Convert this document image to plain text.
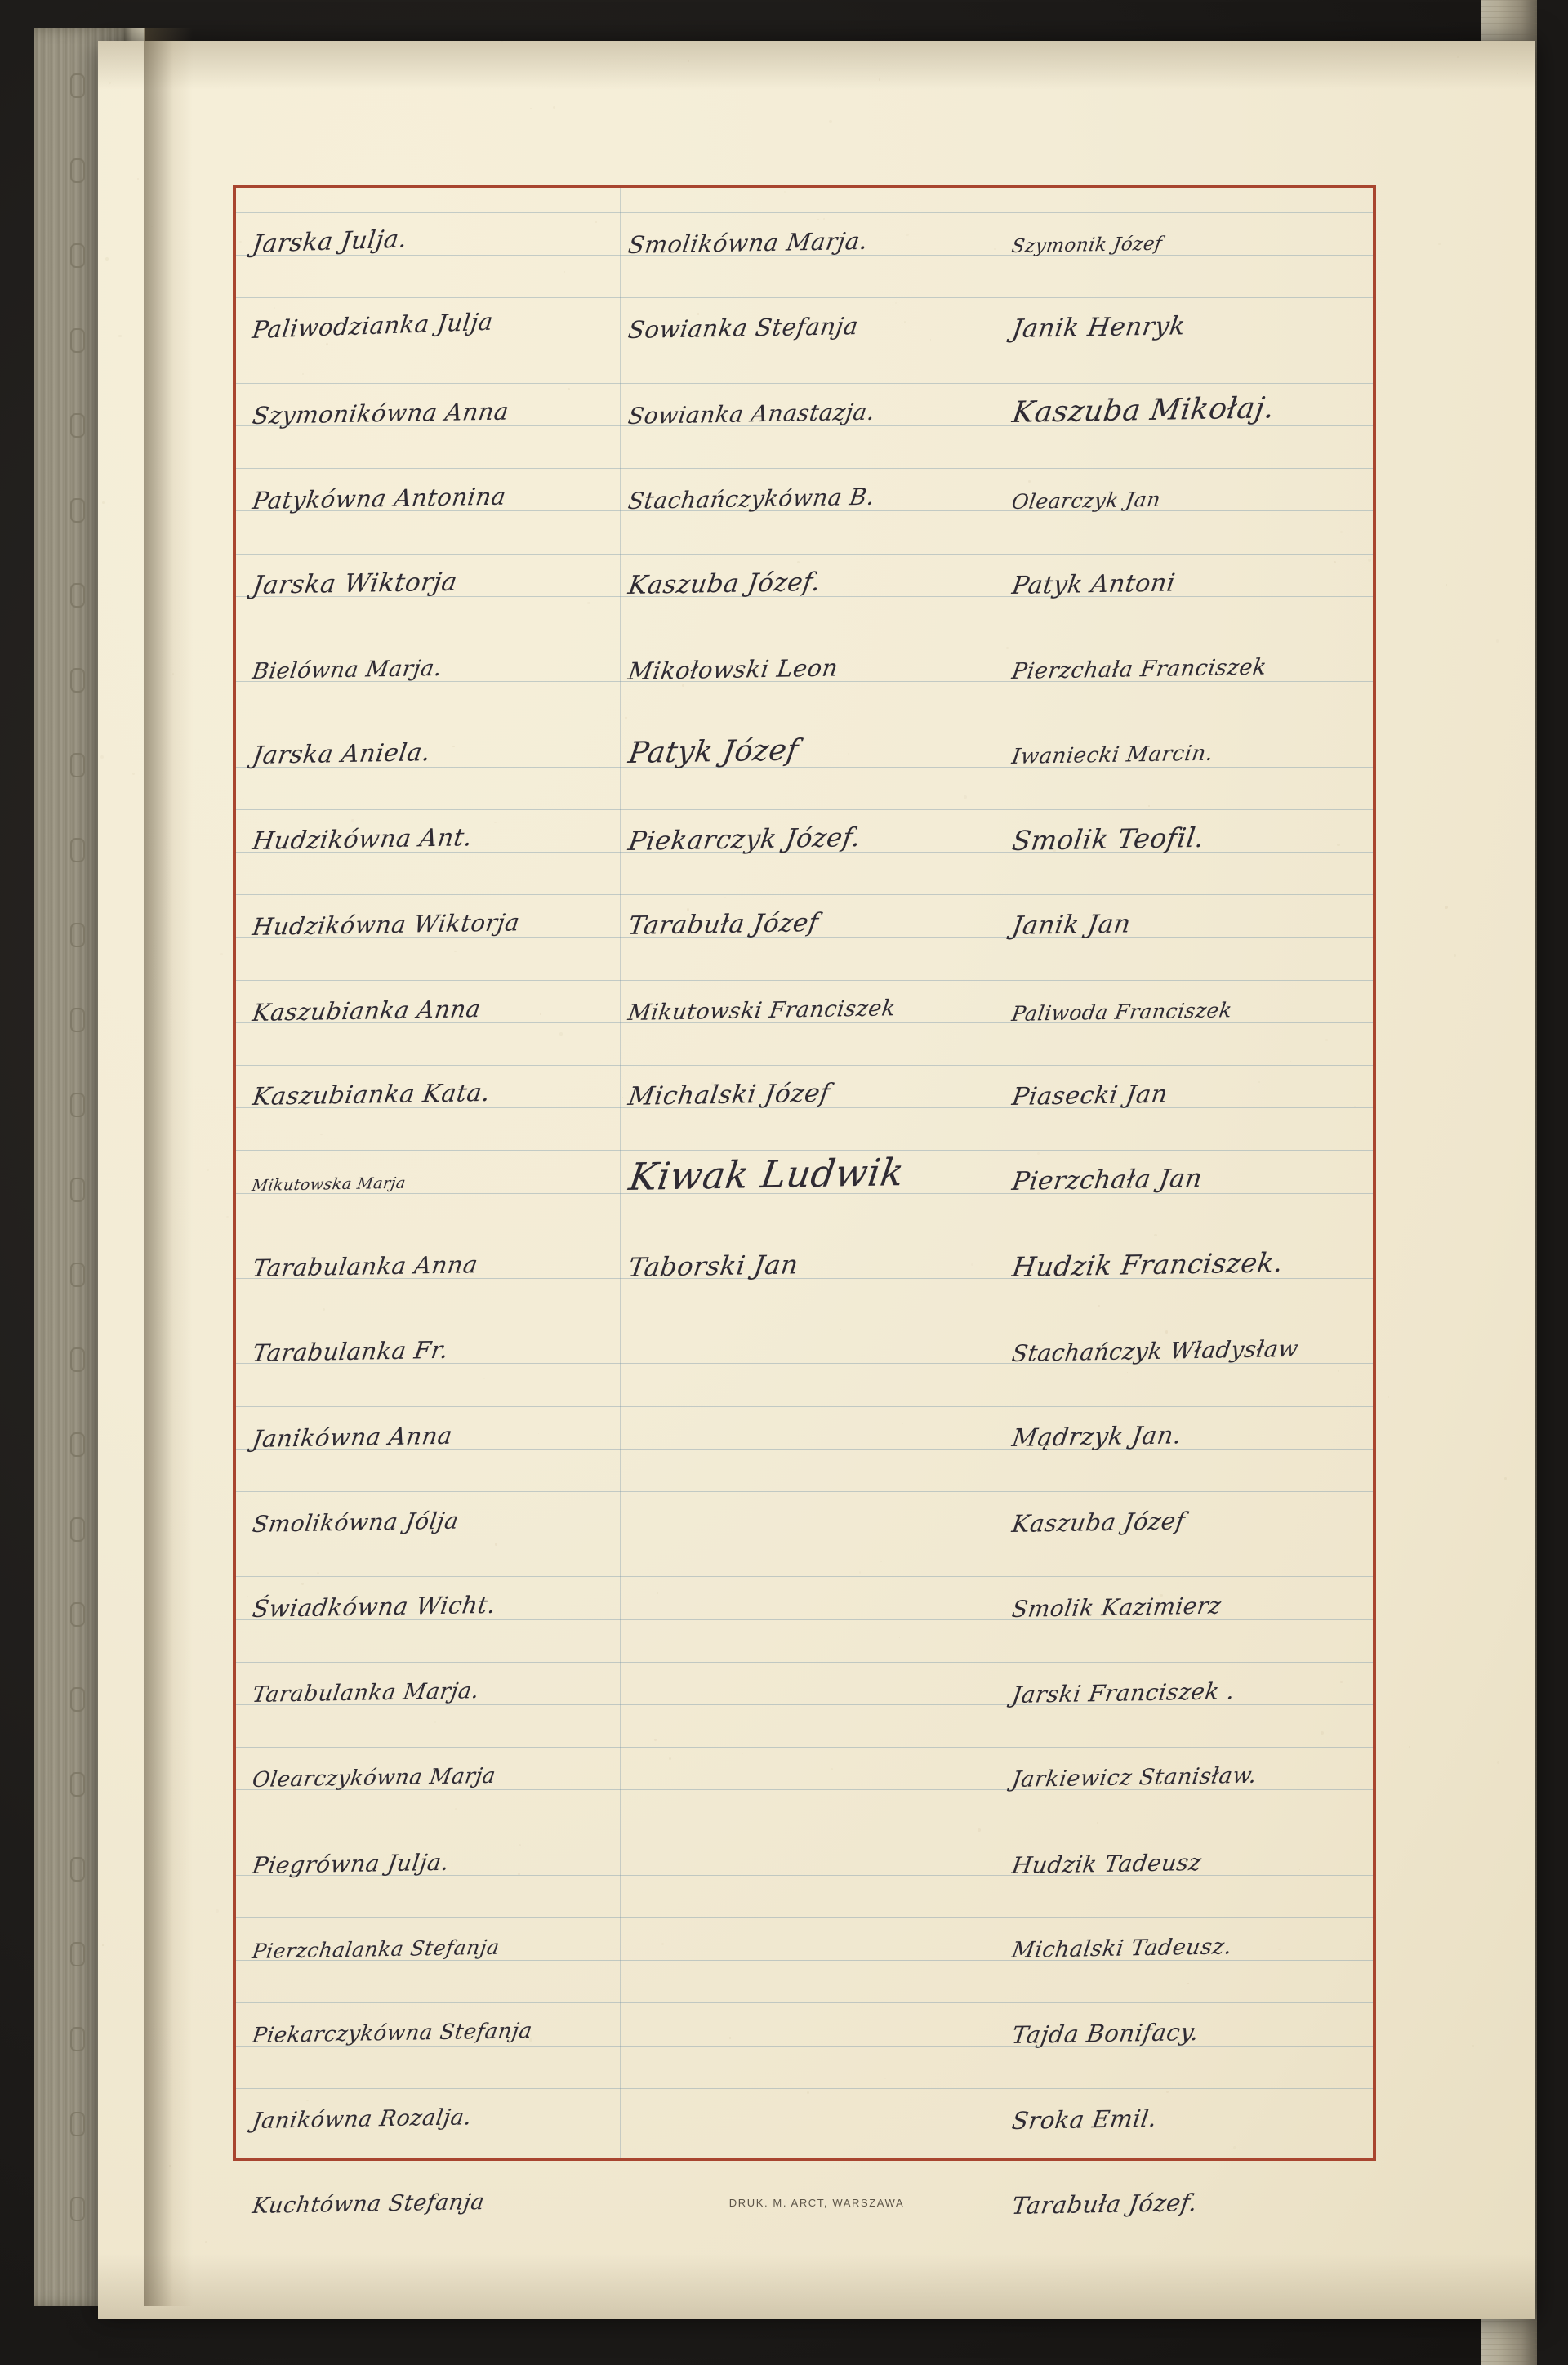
Jarska Julja.
Paliwodzianka Julja
Szymonikówna Anna
Patykówna Antonina
Jarska Wiktorja
Bielówna Marja.
Jarska Aniela.
Hudzikówna Ant.
Hudzikówna Wiktorja
Kaszubianka Anna
Kaszubianka Kata.
Mikutowska Marja
Tarabulanka Anna
Tarabulanka Fr.
Janikówna Anna
Smolikówna Jólja
Świadkówna Wicht.
Tarabulanka Marja.
Olearczykówna Marja
Piegrówna Julja.
Pierzchalanka Stefanja
Piekarczykówna Stefanja
Janikówna Rozalja.
Kuchtówna Stefanja
Smolikówna Marja.
Sowianka Stefanja
Sowianka Anastazja.
Stachańczykówna B.
Kaszuba Józef.
Mikołowski Leon
Patyk Józef
Piekarczyk Józef.
Tarabuła Józef
Mikutowski Franciszek
Michalski Józef
Kiwak Ludwik
Taborski Jan
Szymonik Józef
Janik Henryk
Kaszuba Mikołaj.
Olearczyk Jan
Patyk Antoni
Pierzchała Franciszek
Iwaniecki Marcin.
Smolik Teofil.
Janik Jan
Paliwoda Franciszek
Piasecki Jan
Pierzchała Jan
Hudzik Franciszek.
Stachańczyk Władysław
Mądrzyk Jan.
Kaszuba Józef
Smolik Kazimierz
Jarski Franciszek .
Jarkiewicz Stanisław.
Hudzik Tadeusz
Michalski Tadeusz.
Tajda Bonifacy.
Sroka Emil.
Tarabuła Józef.
DRUK. M. ARCT, WARSZAWA
